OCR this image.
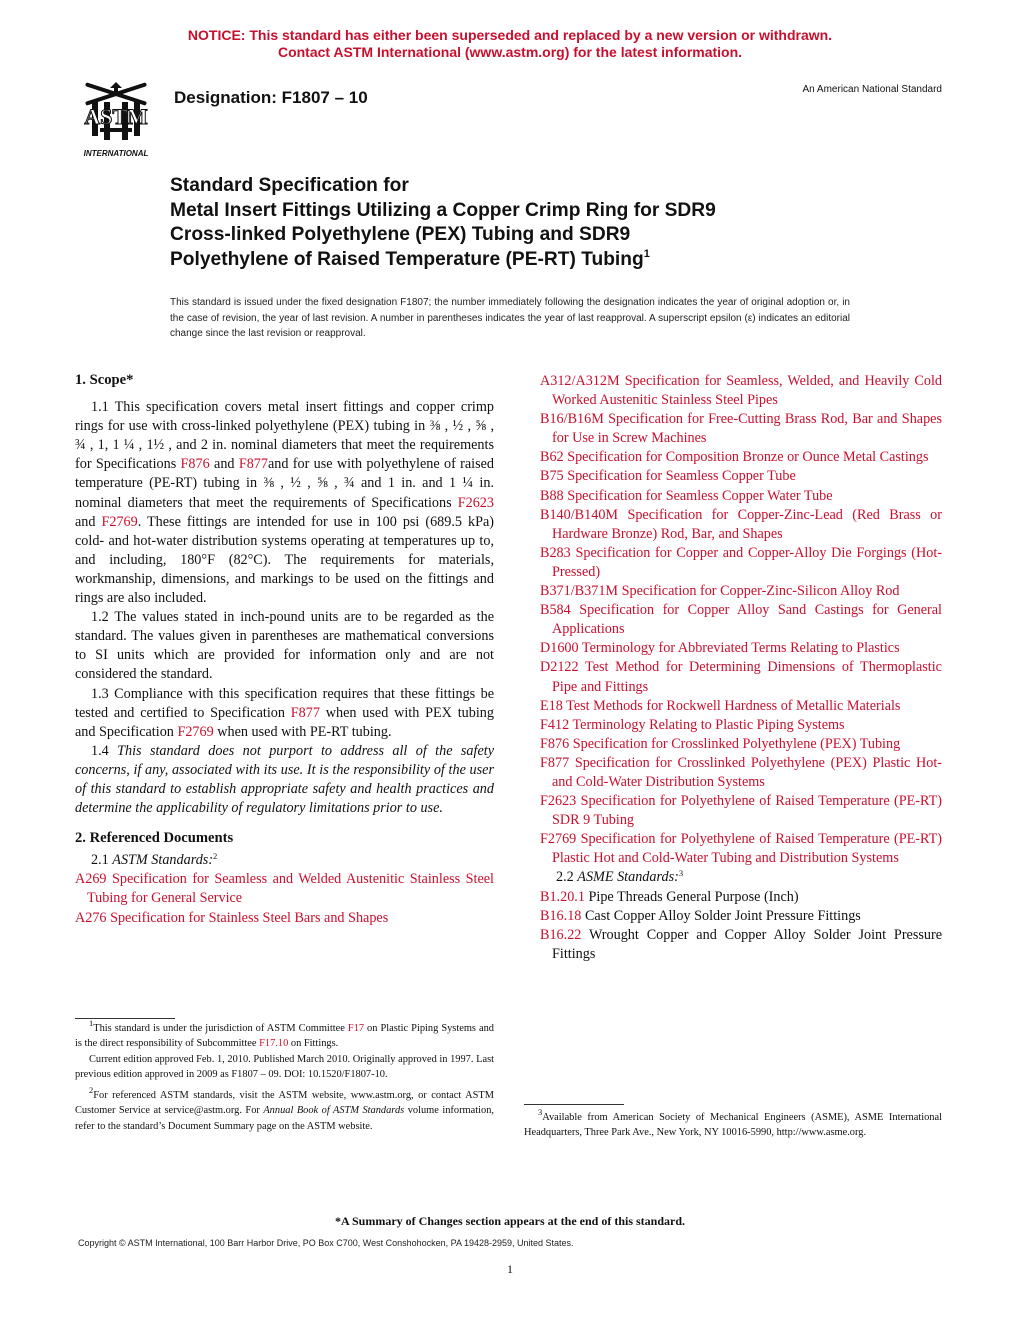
NOTICE: This standard has either been superseded and replaced by a new version or withdrawn.
Contact ASTM International (www.astm.org) for the latest information.
ASTM
INTERNATIONAL
Designation: F1807 – 10	An American National Standard
Standard Specification for
Metal Insert Fittings Utilizing a Copper Crimp Ring for SDR9
Cross-linked Polyethylene (PEX) Tubing and SDR9
Polyethylene of Raised Temperature (PE-RT) Tubing$^1$
This standard is issued under the fixed designation F1807; the number immediately following the designation indicates the year of original adoption or, in the case of revision, the year of last revision. A number in parentheses indicates the year of last reapproval. A superscript epsilon (ε) indicates an editorial change since the last revision or reapproval.

1. Scope*

1.1 This specification covers metal insert fittings and copper crimp rings for use with cross-linked polyethylene (PEX) tubing in ⅜ , ½ , ⅝ , ¾ , 1, 1 ¼ , 1½ , and 2 in. nominal diameters that meet the requirements for Specifications F876 and F877and for use with polyethylene of raised temperature (PE-RT) tubing in ⅜ , ½ , ⅝ , ¾ and 1 in. and 1 ¼ in. nominal diameters that meet the requirements of Specifications F2623 and F2769. These fittings are intended for use in 100 psi (689.5 kPa) cold- and hot-water distribution systems operating at temperatures up to, and including, 180°F (82°C). The requirements for materials, workmanship, dimensions, and markings to be used on the fittings and rings are also included.

1.2 The values stated in inch-pound units are to be regarded as the standard. The values given in parentheses are mathematical conversions to SI units which are provided for information only and are not considered the standard.

1.3 Compliance with this specification requires that these fittings be tested and certified to Specification F877 when used with PEX tubing and Specification F2769 when used with PE-RT tubing.

1.4 This standard does not purport to address all of the safety concerns, if any, associated with its use. It is the responsibility of the user of this standard to establish appropriate safety and health practices and determine the applicability of regulatory limitations prior to use.

2. Referenced Documents

2.1 ASTM Standards:$^2$

A269 Specification for Seamless and Welded Austenitic Stainless Steel Tubing for General Service

A276 Specification for Stainless Steel Bars and Shapes

$^1$This standard is under the jurisdiction of ASTM Committee F17 on Plastic Piping Systems and is the direct responsibility of Subcommittee F17.10 on Fittings.

Current edition approved Feb. 1, 2010. Published March 2010. Originally approved in 1997. Last previous edition approved in 2009 as F1807 – 09. DOI: 10.1520/F1807-10.

$^2$For referenced ASTM standards, visit the ASTM website, www.astm.org, or contact ASTM Customer Service at service@astm.org. For Annual Book of ASTM Standards volume information, refer to the standard’s Document Summary page on the ASTM website.

A312/A312M Specification for Seamless, Welded, and Heavily Cold Worked Austenitic Stainless Steel Pipes

B16/B16M Specification for Free-Cutting Brass Rod, Bar and Shapes for Use in Screw Machines

B62 Specification for Composition Bronze or Ounce Metal Castings

B75 Specification for Seamless Copper Tube

B88 Specification for Seamless Copper Water Tube

B140/B140M Specification for Copper-Zinc-Lead (Red Brass or Hardware Bronze) Rod, Bar, and Shapes

B283 Specification for Copper and Copper-Alloy Die Forgings (Hot-Pressed)

B371/B371M Specification for Copper-Zinc-Silicon Alloy Rod

B584 Specification for Copper Alloy Sand Castings for General Applications

D1600 Terminology for Abbreviated Terms Relating to Plastics

D2122 Test Method for Determining Dimensions of Thermoplastic Pipe and Fittings

E18 Test Methods for Rockwell Hardness of Metallic Materials

F412 Terminology Relating to Plastic Piping Systems

F876 Specification for Crosslinked Polyethylene (PEX) Tubing

F877 Specification for Crosslinked Polyethylene (PEX) Plastic Hot- and Cold-Water Distribution Systems

F2623 Specification for Polyethylene of Raised Temperature (PE-RT) SDR 9 Tubing

F2769 Specification for Polyethylene of Raised Temperature (PE-RT) Plastic Hot and Cold-Water Tubing and Distribution Systems

2.2 ASME Standards:$^3$

B1.20.1 Pipe Threads General Purpose (Inch)

B16.18 Cast Copper Alloy Solder Joint Pressure Fittings

B16.22 Wrought Copper and Copper Alloy Solder Joint Pressure Fittings

$^3$Available from American Society of Mechanical Engineers (ASME), ASME International Headquarters, Three Park Ave., New York, NY 10016-5990, http://www.asme.org.

*A Summary of Changes section appears at the end of this standard.
Copyright © ASTM International, 100 Barr Harbor Drive, PO Box C700, West Conshohocken, PA 19428-2959, United States.
1
